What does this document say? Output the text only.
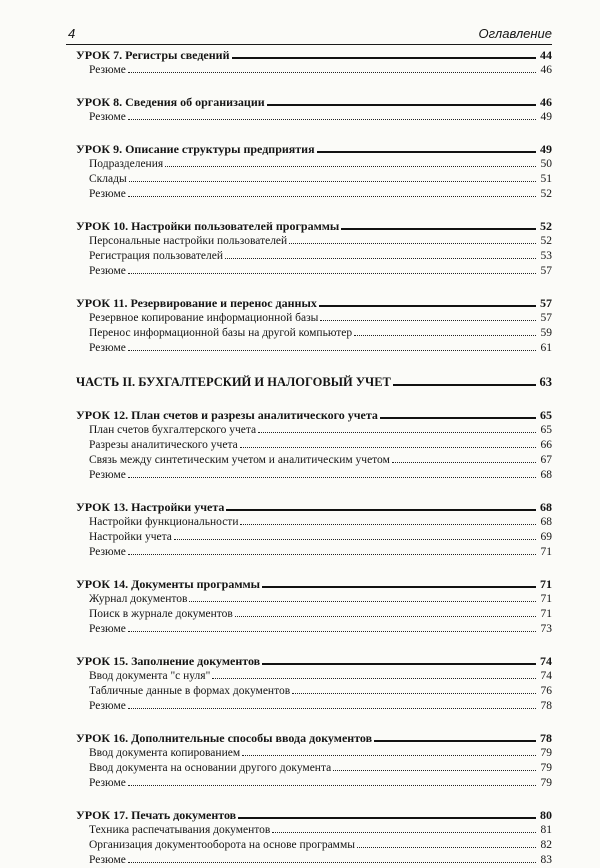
4	Оглавление
УРОК 7. Регистры сведений	44
Резюме	46
УРОК 8. Сведения об организации	46
Резюме	49
УРОК 9. Описание структуры предприятия	49
Подразделения	50
Склады	51
Резюме	52
УРОК 10. Настройки пользователей программы	52
Персональные настройки пользователей	52
Регистрация пользователей	53
Резюме	57
УРОК 11. Резервирование и перенос данных	57
Резервное копирование информационной базы	57
Перенос информационной базы на другой компьютер	59
Резюме	61
ЧАСТЬ II. БУХГАЛТЕРСКИЙ И НАЛОГОВЫЙ УЧЕТ	63
УРОК 12. План счетов и разрезы аналитического учета	65
План счетов бухгалтерского учета	65
Разрезы аналитического учета	66
Связь между синтетическим учетом и аналитическим учетом	67
Резюме	68
УРОК 13. Настройки учета	68
Настройки функциональности	68
Настройки учета	69
Резюме	71
УРОК 14. Документы программы	71
Журнал документов	71
Поиск в журнале документов	71
Резюме	73
УРОК 15. Заполнение документов	74
Ввод документа "с нуля"	74
Табличные данные в формах документов	76
Резюме	78
УРОК 16. Дополнительные способы ввода документов	78
Ввод документа копированием	79
Ввод документа на основании другого документа	79
Резюме	79
УРОК 17. Печать документов	80
Техника распечатывания документов	81
Организация документооборота на основе программы	82
Резюме	83
